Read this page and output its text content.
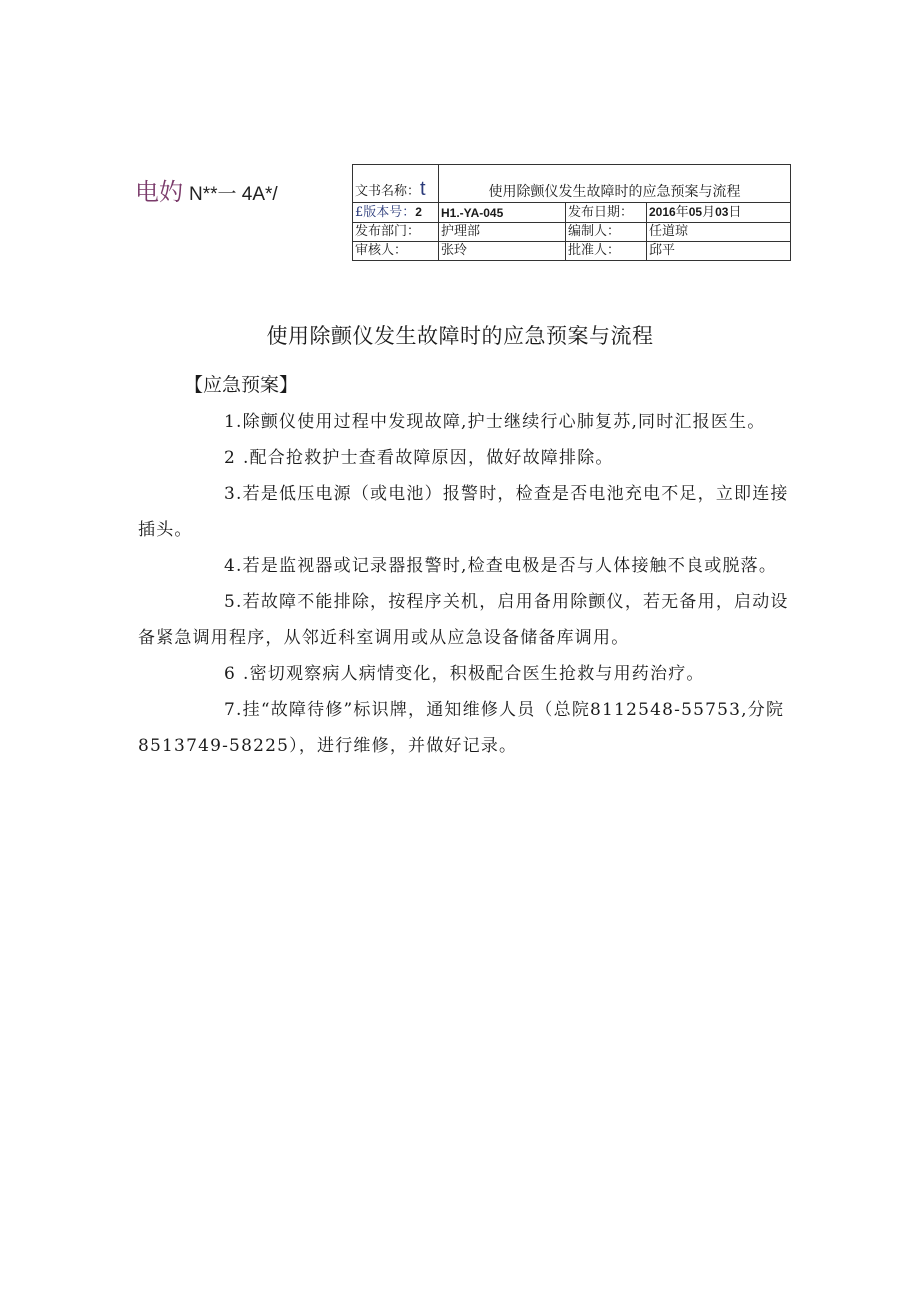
电妁 N**一 4A*/	文书名称：t	使用除颤仪发生故障时的应急预案与流程		
£版本号：2	H1.-YA-045	发布日期：	2016年05月03日
发布部门：	护理部	编制人：	任道琼
审核人：	张玲	批准人：	邱平
使用除颤仪发生故障时的应急预案与流程
【应急预案】

1.除颤仪使用过程中发现故障,护士继续行心肺复苏,同时汇报医生。

2 .配合抢救护士查看故障原因，做好故障排除。

3.若是低压电源（或电池）报警时，检查是否电池充电不足，立即连接插头。

4.若是监视器或记录器报警时,检查电极是否与人体接触不良或脱落。

5.若故障不能排除，按程序关机，启用备用除颤仪，若无备用，启动设备紧急调用程序，从邻近科室调用或从应急设备储备库调用。

6 .密切观察病人病情变化，积极配合医生抢救与用药治疗。

7.挂“故障待修”标识牌，通知维修人员（总院8112548-55753,分院8513749-58225），进行维修，并做好记录。
